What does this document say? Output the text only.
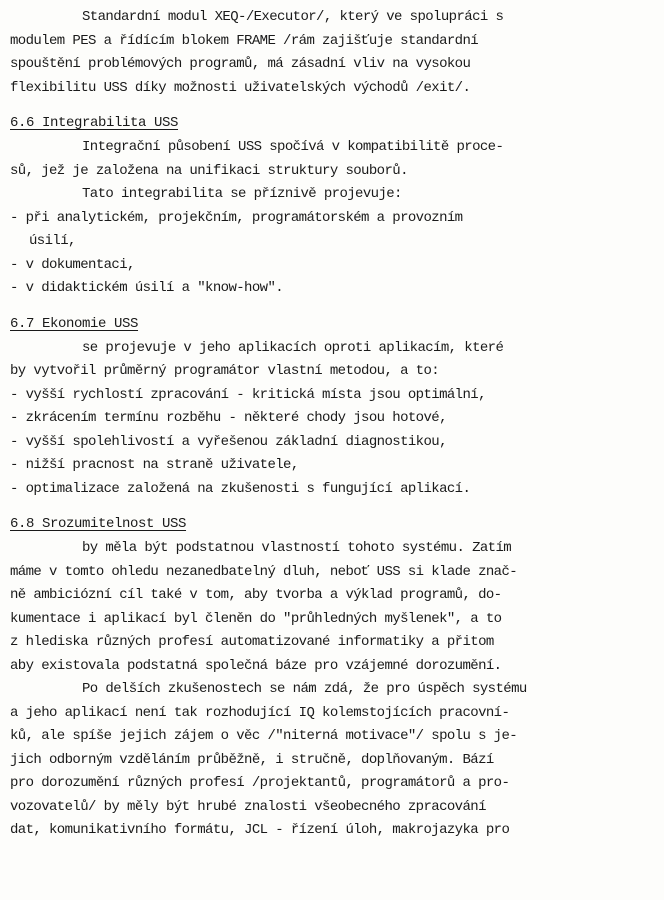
Standardní modul XEQ-/Executor/, který ve spolupráci s
modulem PES a řídícím blokem FRAME /rám zajišťuje standardní
spouštění problémových programů, má zásadní vliv na vysokou
flexibilitu USS díky možnosti uživatelských východů /exit/.
6.6 Integrabilita USS
Integrační působení USS spočívá v kompatibilitě proce-
sů, jež je založena na unifikaci struktury souborů.
Tato integrabilita se příznivě projevuje:
- při analytickém, projekčním, programátorském a provozním
úsilí,
- v dokumentaci,
- v didaktickém úsilí a "know-how".
6.7 Ekonomie USS
se projevuje v jeho aplikacích oproti aplikacím, které
by vytvořil průměrný programátor vlastní metodou, a to:
- vyšší rychlostí zpracování - kritická místa jsou optimální,
- zkrácením termínu rozběhu - některé chody jsou hotové,
- vyšší spolehlivostí a vyřešenou základní diagnostikou,
- nižší pracnost na straně uživatele,
- optimalizace založená na zkušenosti s fungující aplikací.
6.8 Srozumitelnost USS
by měla být podstatnou vlastností tohoto systému. Zatím
máme v tomto ohledu nezanedbatelný dluh, neboť USS si klade znač-
ně ambiciózní cíl také v tom, aby tvorba a výklad programů, do-
kumentace i aplikací byl členěn do "průhledných myšlenek", a to
z hlediska různých profesí automatizované informatiky a přitom
aby existovala podstatná společná báze pro vzájemné dorozumění.
Po delších zkušenostech se nám zdá, že pro úspěch systému
a jeho aplikací není tak rozhodující IQ kolemstojících pracovní-
ků, ale spíše jejich zájem o věc /"niterná motivace"/ spolu s je-
jich odborným vzděláním průběžně, i stručně, doplňovaným. Bází
pro dorozumění různých profesí /projektantů, programátorů a pro-
vozovatelů/ by měly být hrubé znalosti všeobecného zpracování
dat, komunikativního formátu, JCL - řízení úloh, makrojazyka pro
